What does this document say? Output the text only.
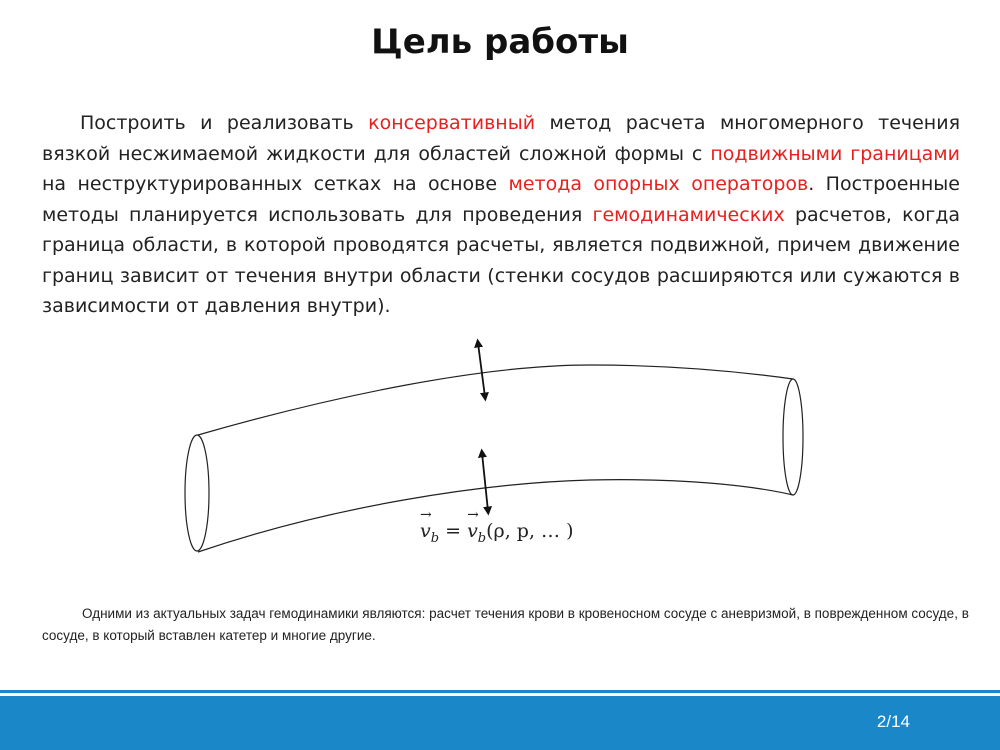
Цель работы
Построить и реализовать консервативный метод расчета многомерного течения вязкой несжимаемой жидкости для областей сложной формы с подвижными границами на неструктурированных сетках на основе метода опорных операторов. Построенные методы планируется использовать для проведения гемодинамических расчетов, когда граница области, в которой проводятся расчеты, является подвижной, причем движение границ зависит от течения внутри области (стенки сосудов расширяются или сужаются в зависимости от давления внутри).
→
$v_b$ =
→
$v_b(\rho$, p, … )
Одними из актуальных задач гемодинамики являются: расчет течения крови в кровеносном сосуде с аневризмой, в поврежденном сосуде, в сосуде, в который вставлен катетер и многие другие.
2/14
